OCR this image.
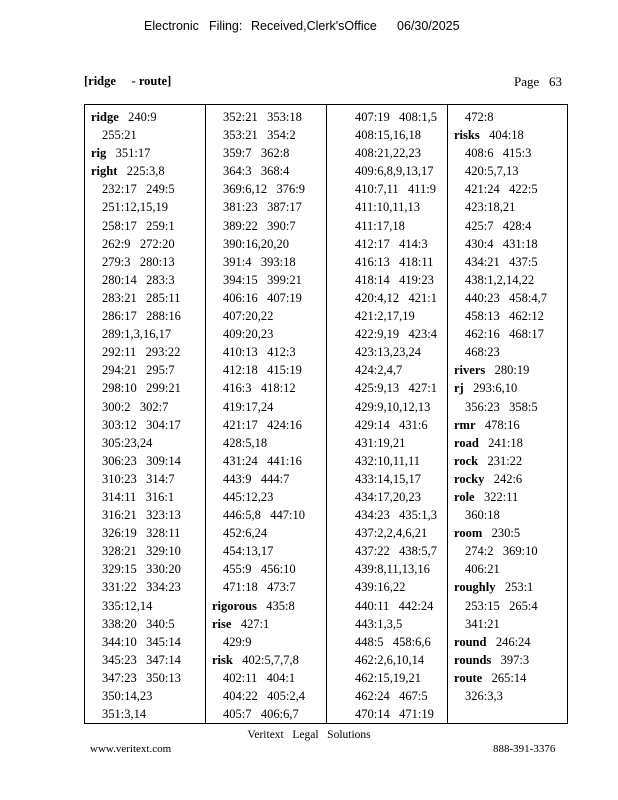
Electronic Filing: Received,Clerk'sOffice 06/30/2025
[ridge     - route]	Page   63
ridge 240:9
255:21
rig 351:17
right 225:3,8
232:17   249:5
251:12,15,19
258:17   259:1
262:9   272:20
279:3   280:13
280:14   283:3
283:21   285:11
286:17   288:16
289:1,3,16,17
292:11   293:22
294:21   295:7
298:10   299:21
300:2   302:7
303:12   304:17
305:23,24
306:23   309:14
310:23   314:7
314:11   316:1
316:21   323:13
326:19   328:11
328:21   329:10
329:15   330:20
331:22   334:23
335:12,14
338:20   340:5
344:10   345:14
345:23   347:14
347:23   350:13
350:14,23
351:3,14
352:21   353:18
353:21   354:2
359:7   362:8
364:3   368:4
369:6,12   376:9
381:23   387:17
389:22   390:7
390:16,20,20
391:4   393:18
394:15   399:21
406:16   407:19
407:20,22
409:20,23
410:13   412:3
412:18   415:19
416:3   418:12
419:17,24
421:17   424:16
428:5,18
431:24   441:16
443:9   444:7
445:12,23
446:5,8   447:10
452:6,24
454:13,17
455:9   456:10
471:18   473:7
rigorous 435:8
rise 427:1
429:9
risk 402:5,7,7,8
402:11   404:1
404:22   405:2,4
405:7   406:6,7
407:19   408:1,5
408:15,16,18
408:21,22,23
409:6,8,9,13,17
410:7,11   411:9
411:10,11,13
411:17,18
412:17   414:3
416:13   418:11
418:14   419:23
420:4,12   421:1
421:2,17,19
422:9,19   423:4
423:13,23,24
424:2,4,7
425:9,13   427:1
429:9,10,12,13
429:14   431:6
431:19,21
432:10,11,11
433:14,15,17
434:17,20,23
434:23   435:1,3
437:2,2,4,6,21
437:22   438:5,7
439:8,11,13,16
439:16,22
440:11   442:24
443:1,3,5
448:5   458:6,6
462:2,6,10,14
462:15,19,21
462:24   467:5
470:14   471:19
472:8
risks 404:18
408:6   415:3
420:5,7,13
421:24   422:5
423:18,21
425:7   428:4
430:4   431:18
434:21   437:5
438:1,2,14,22
440:23   458:4,7
458:13   462:12
462:16   468:17
468:23
rivers 280:19
rj 293:6,10
356:23   358:5
rmr 478:16
road 241:18
rock 231:22
rocky 242:6
role 322:11
360:18
room 230:5
274:2   369:10
406:21
roughly 253:1
253:15   265:4
341:21
round 246:24
rounds 397:3
route 265:14
326:3,3
Veritext   Legal   Solutions
www.veritext.com	888-391-3376
